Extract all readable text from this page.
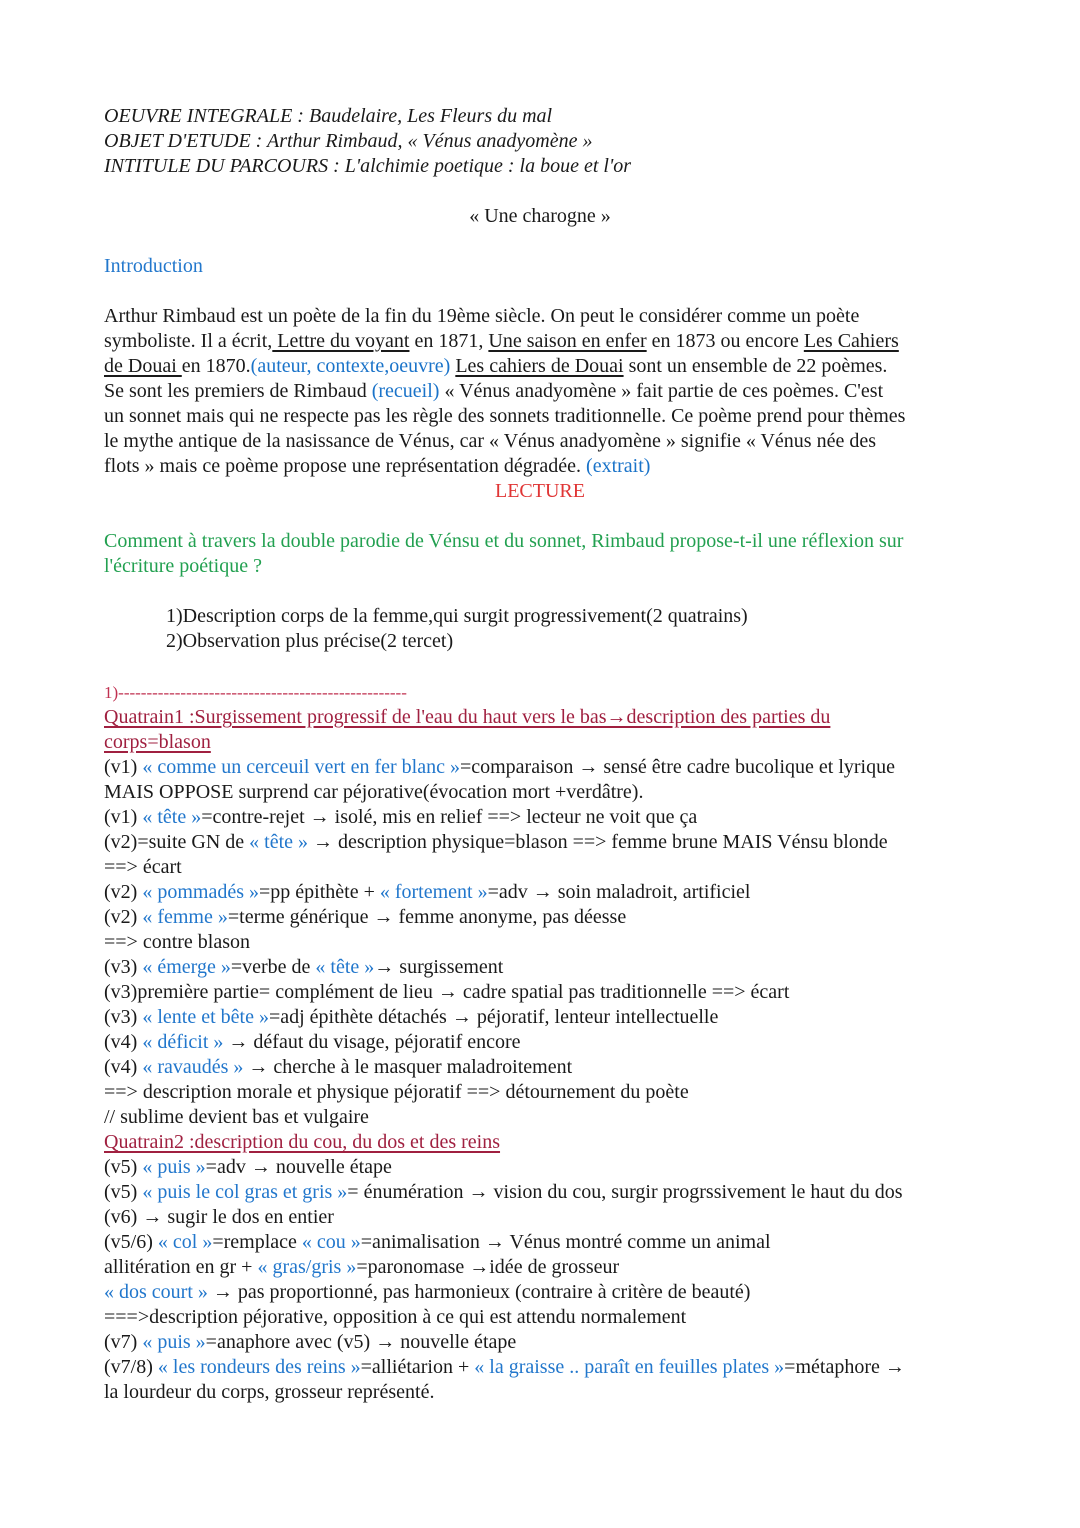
OEUVRE INTEGRALE : Baudelaire, Les Fleurs du mal
OBJET D'ETUDE : Arthur Rimbaud, « Vénus anadyomène »
INTITULE DU PARCOURS : L'alchimie poetique : la boue et l'or
« Une charogne »
Introduction
Arthur Rimbaud est un poète de la fin du 19ème siècle. On peut le considérer comme un poète
symboliste. Il a écrit, Lettre du voyant en 1871, Une saison en enfer en 1873 ou encore Les Cahiers
de Douai en 1870.(auteur, contexte,oeuvre) Les cahiers de Douai sont un ensemble de 22 poèmes.
Se sont les premiers de Rimbaud (recueil) « Vénus anadyomène » fait partie de ces poèmes. C'est
un sonnet mais qui ne respecte pas les règle des sonnets traditionnelle. Ce poème prend pour thèmes
le mythe antique de la nasissance de Vénus, car « Vénus anadyomène » signifie « Vénus née des
flots » mais ce poème propose une représentation dégradée. (extrait)
LECTURE
Comment à travers la double parodie de Vénsu et du sonnet, Rimbaud propose-t-il une réflexion sur
l'écriture poétique ?
1)Description corps de la femme,qui surgit progressivement(2 quatrains)
2)Observation plus précise(2 tercet)
1)---------------------------------------------------
Quatrain1 :Surgissement progressif de l'eau du haut vers le bas→description des parties du
corps=blason
(v1) « comme un cerceuil vert en fer blanc »=comparaison → sensé être cadre bucolique et lyrique
MAIS OPPOSE surprend car péjorative(évocation mort +verdâtre).
(v1) « tête »=contre-rejet → isolé, mis en relief ==> lecteur ne voit que ça
(v2)=suite GN de « tête » → description physique=blason ==> femme brune MAIS Vénsu blonde
==> écart
(v2) « pommadés »=pp épithète + « fortement »=adv → soin maladroit, artificiel
(v2) « femme »=terme générique → femme anonyme, pas déesse
==> contre blason
(v3) « émerge »=verbe de « tête »→ surgissement
(v3)première partie= complément de lieu → cadre spatial pas traditionnelle ==> écart
(v3) « lente et bête »=adj épithète détachés → péjoratif, lenteur intellectuelle
(v4) « déficit » → défaut du visage, péjoratif encore
(v4) « ravaudés » → cherche à le masquer maladroitement
==> description morale et physique péjoratif ==> détournement du poète
// sublime devient bas et vulgaire
Quatrain2 :description du cou, du dos et des reins
(v5) « puis »=adv → nouvelle étape
(v5) « puis le col gras et gris »= énumération → vision du cou, surgir progrssivement le haut du dos
(v6) → sugir le dos en entier
(v5/6) « col »=remplace « cou »=animalisation → Vénus montré comme un animal
allitération en gr + « gras/gris »=paronomase →idée de grosseur
« dos court » → pas proportionné, pas harmonieux (contraire à critère de beauté)
===>description péjorative, opposition à ce qui est attendu normalement
(v7) « puis »=anaphore avec (v5) → nouvelle étape
(v7/8) « les rondeurs des reins »=alliétarion + « la graisse .. paraît en feuilles plates »=métaphore →
la lourdeur du corps, grosseur représenté.
